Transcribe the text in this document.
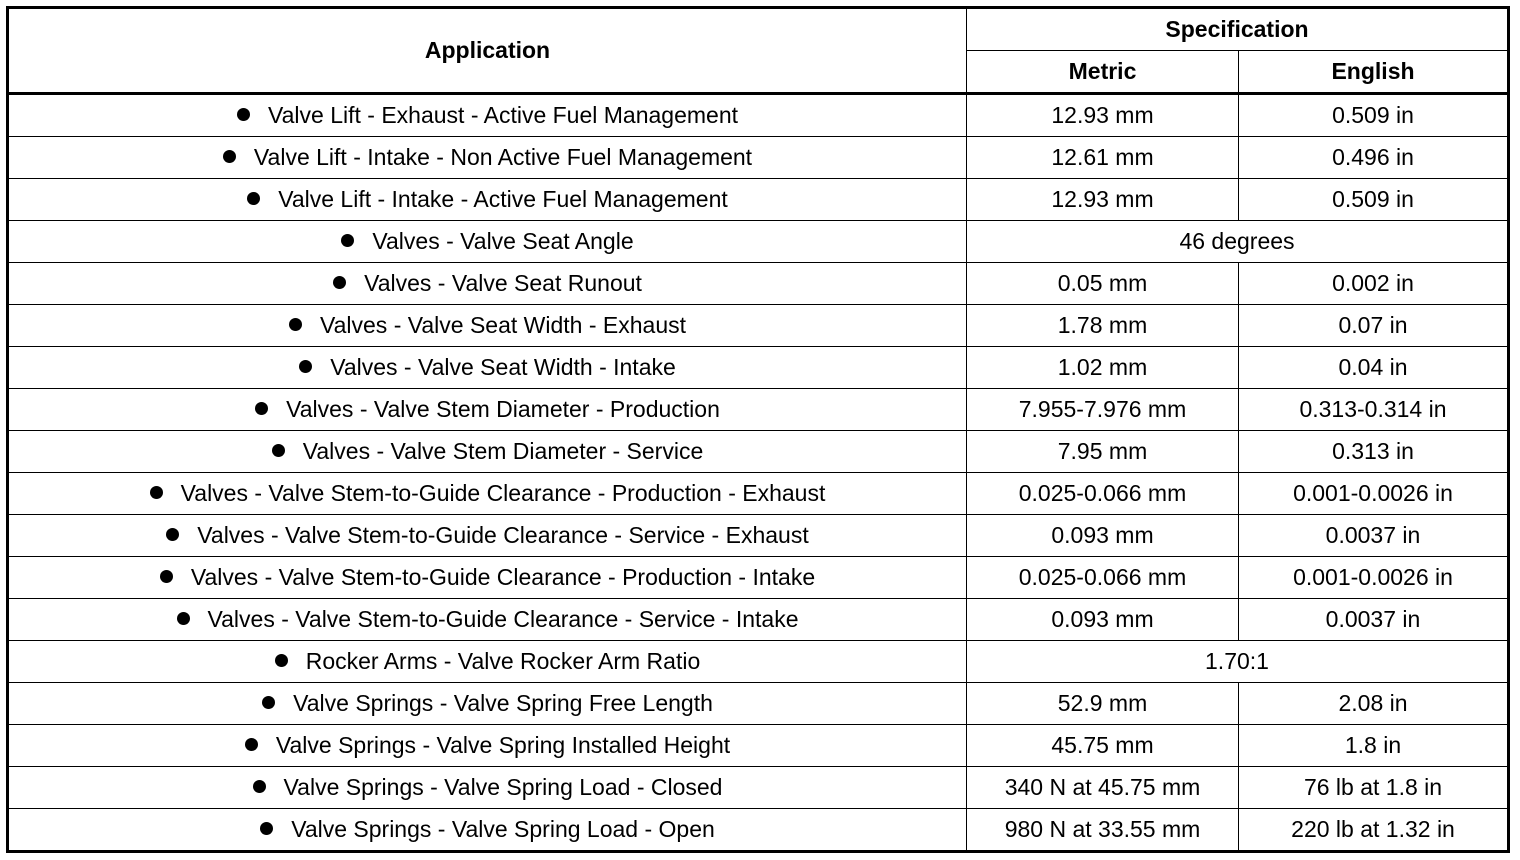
Application	Specification	
	Metric	English
Valve Lift - Exhaust - Active Fuel Management	12.93 mm	0.509 in
Valve Lift - Intake - Non Active Fuel Management	12.61 mm	0.496 in
Valve Lift - Intake - Active Fuel Management	12.93 mm	0.509 in
Valves - Valve Seat Angle	46 degrees	
Valves - Valve Seat Runout	0.05 mm	0.002 in
Valves - Valve Seat Width - Exhaust	1.78 mm	0.07 in
Valves - Valve Seat Width - Intake	1.02 mm	0.04 in
Valves - Valve Stem Diameter - Production	7.955-7.976 mm	0.313-0.314 in
Valves - Valve Stem Diameter - Service	7.95 mm	0.313 in
Valves - Valve Stem-to-Guide Clearance - Production - Exhaust	0.025-0.066 mm	0.001-0.0026 in
Valves - Valve Stem-to-Guide Clearance - Service - Exhaust	0.093 mm	0.0037 in
Valves - Valve Stem-to-Guide Clearance - Production - Intake	0.025-0.066 mm	0.001-0.0026 in
Valves - Valve Stem-to-Guide Clearance - Service - Intake	0.093 mm	0.0037 in
Rocker Arms - Valve Rocker Arm Ratio	1.70:1	
Valve Springs - Valve Spring Free Length	52.9 mm	2.08 in
Valve Springs - Valve Spring Installed Height	45.75 mm	1.8 in
Valve Springs - Valve Spring Load - Closed	340 N at 45.75 mm	76 lb at 1.8 in
Valve Springs - Valve Spring Load - Open	980 N at 33.55 mm	220 lb at 1.32 in
